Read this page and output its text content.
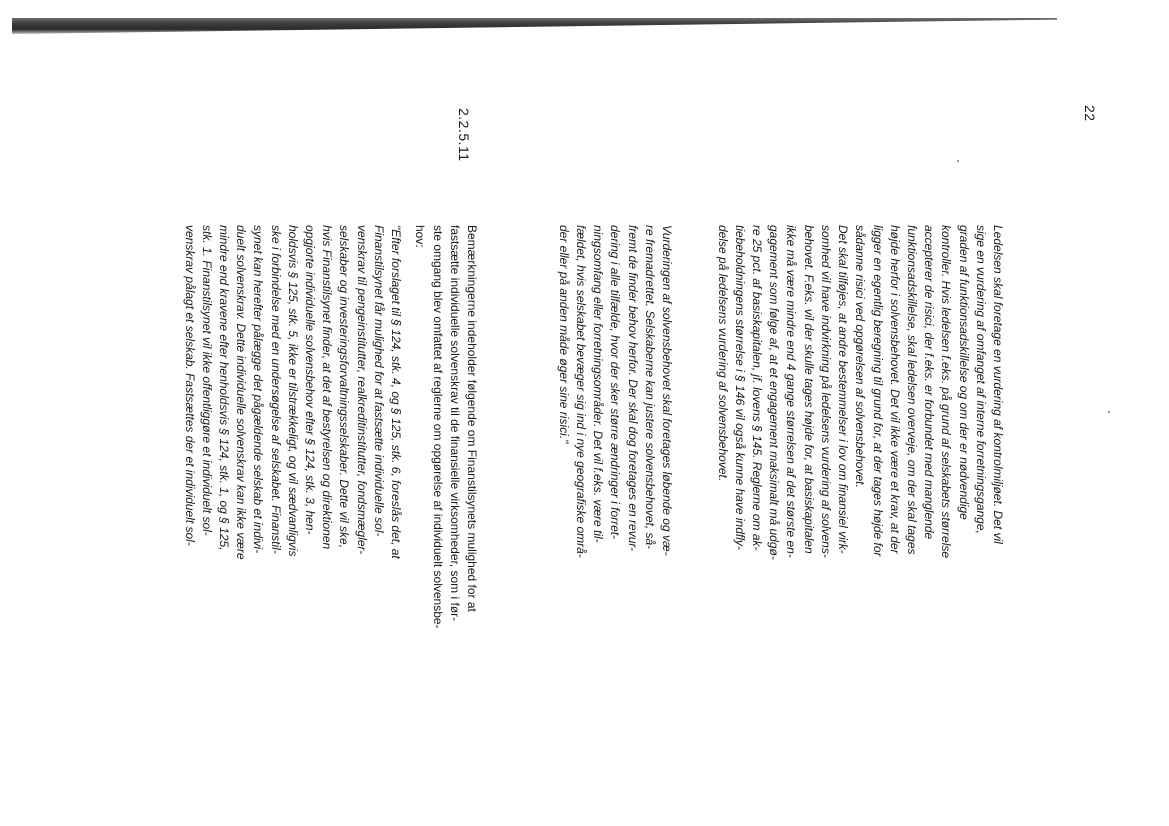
22
2.2.5.11

Ledelsen skal foretage en vurdering af kontrolmiljøet. Det vil
sige en vurdering af omfanget af interne forretningsgange,
graden af funktionsadskillelse og om der er nødvendige
kontroller. Hvis ledelsen f.eks. på grund af selskabets størrelse
accepterer de risici, der f.eks. er forbundet med manglende
funktionsadskillelse, skal ledelsen overveje, om der skal tages
højde herfor i solvensbehovet. Det vil ikke være et krav, at der
ligger en egentlig beregning til grund for, at der tages højde for
sådanne risici ved opgørelsen af solvensbehovet.

Det skal tilføjes, at andre bestemmelser i lov om finansiel virk-
somhed vil have indvirkning på ledelsens vurdering af solvens-
behovet. F.eks. vil der skulle tages højde for, at basiskapitalen
ikke må være mindre end 4 gange størrelsen af det største en-
gagement som følge af, at et engagement maksimalt må udgø-
re 25 pct. af basiskapitalen, jf. lovens § 145. Reglerne om ak-
tiebeholdningens størrelse i § 146 vil også kunne have indfly-
delse på ledelsens vurdering af solvensbehovet.

Vurderingen af solvensbehovet skal foretages løbende og væ-
re fremadrettet. Selskaberne kan justere solvensbehovet, så-
fremt de finder behov herfor. Der skal dog foretages en revur-
dering i alle tilfælde, hvor der sker større ændringer i forret-
ningsomfang eller forretningsområder. Det vil f.eks. være til-
fældet, hvis selskabet bevæger sig ind i nye geografiske områ-
der eller på anden måde øger sine risici."

Bemærkningerne indeholder følgende om Finanstilsynets mulighed for at
fastsætte individuelle solvenskrav til de finansielle virksomheder, som i før-
ste omgang blev omfattet af reglerne om opgørelse af individuelt solvensbe-
hov:

"Efter forslaget til § 124, stk. 4, og § 125, stk. 6, foreslås det, at
Finanstilsynet får mulighed for at fastsætte individuelle sol-
venskrav til pengeinstitutter, realkreditinstitutter, fondsmægler-
selskaber og investeringsforvaltningsselskaber. Dette vil ske,
hvis Finanstilsynet finder, at det af bestyrelsen og direktionen
opgjorte individuelle solvensbehov efter § 124, stk. 3, hen-
holdsvis § 125, stk. 5, ikke er tilstrækkeligt, og vil sædvanligvis
ske i forbindelse med en undersøgelse af selskabet. Finanstil-
synet kan herefter pålægge det pågældende selskab et indivi-
duelt solvenskrav. Dette individuelle solvenskrav kan ikke være
mindre end kravene efter henholdsvis § 124, stk. 1, og § 125,
stk. 1. Finanstilsynet vil ikke offentliggøre et individuelt sol-
venskrav pålagt et selskab. Fastsættes der et individuelt sol-
